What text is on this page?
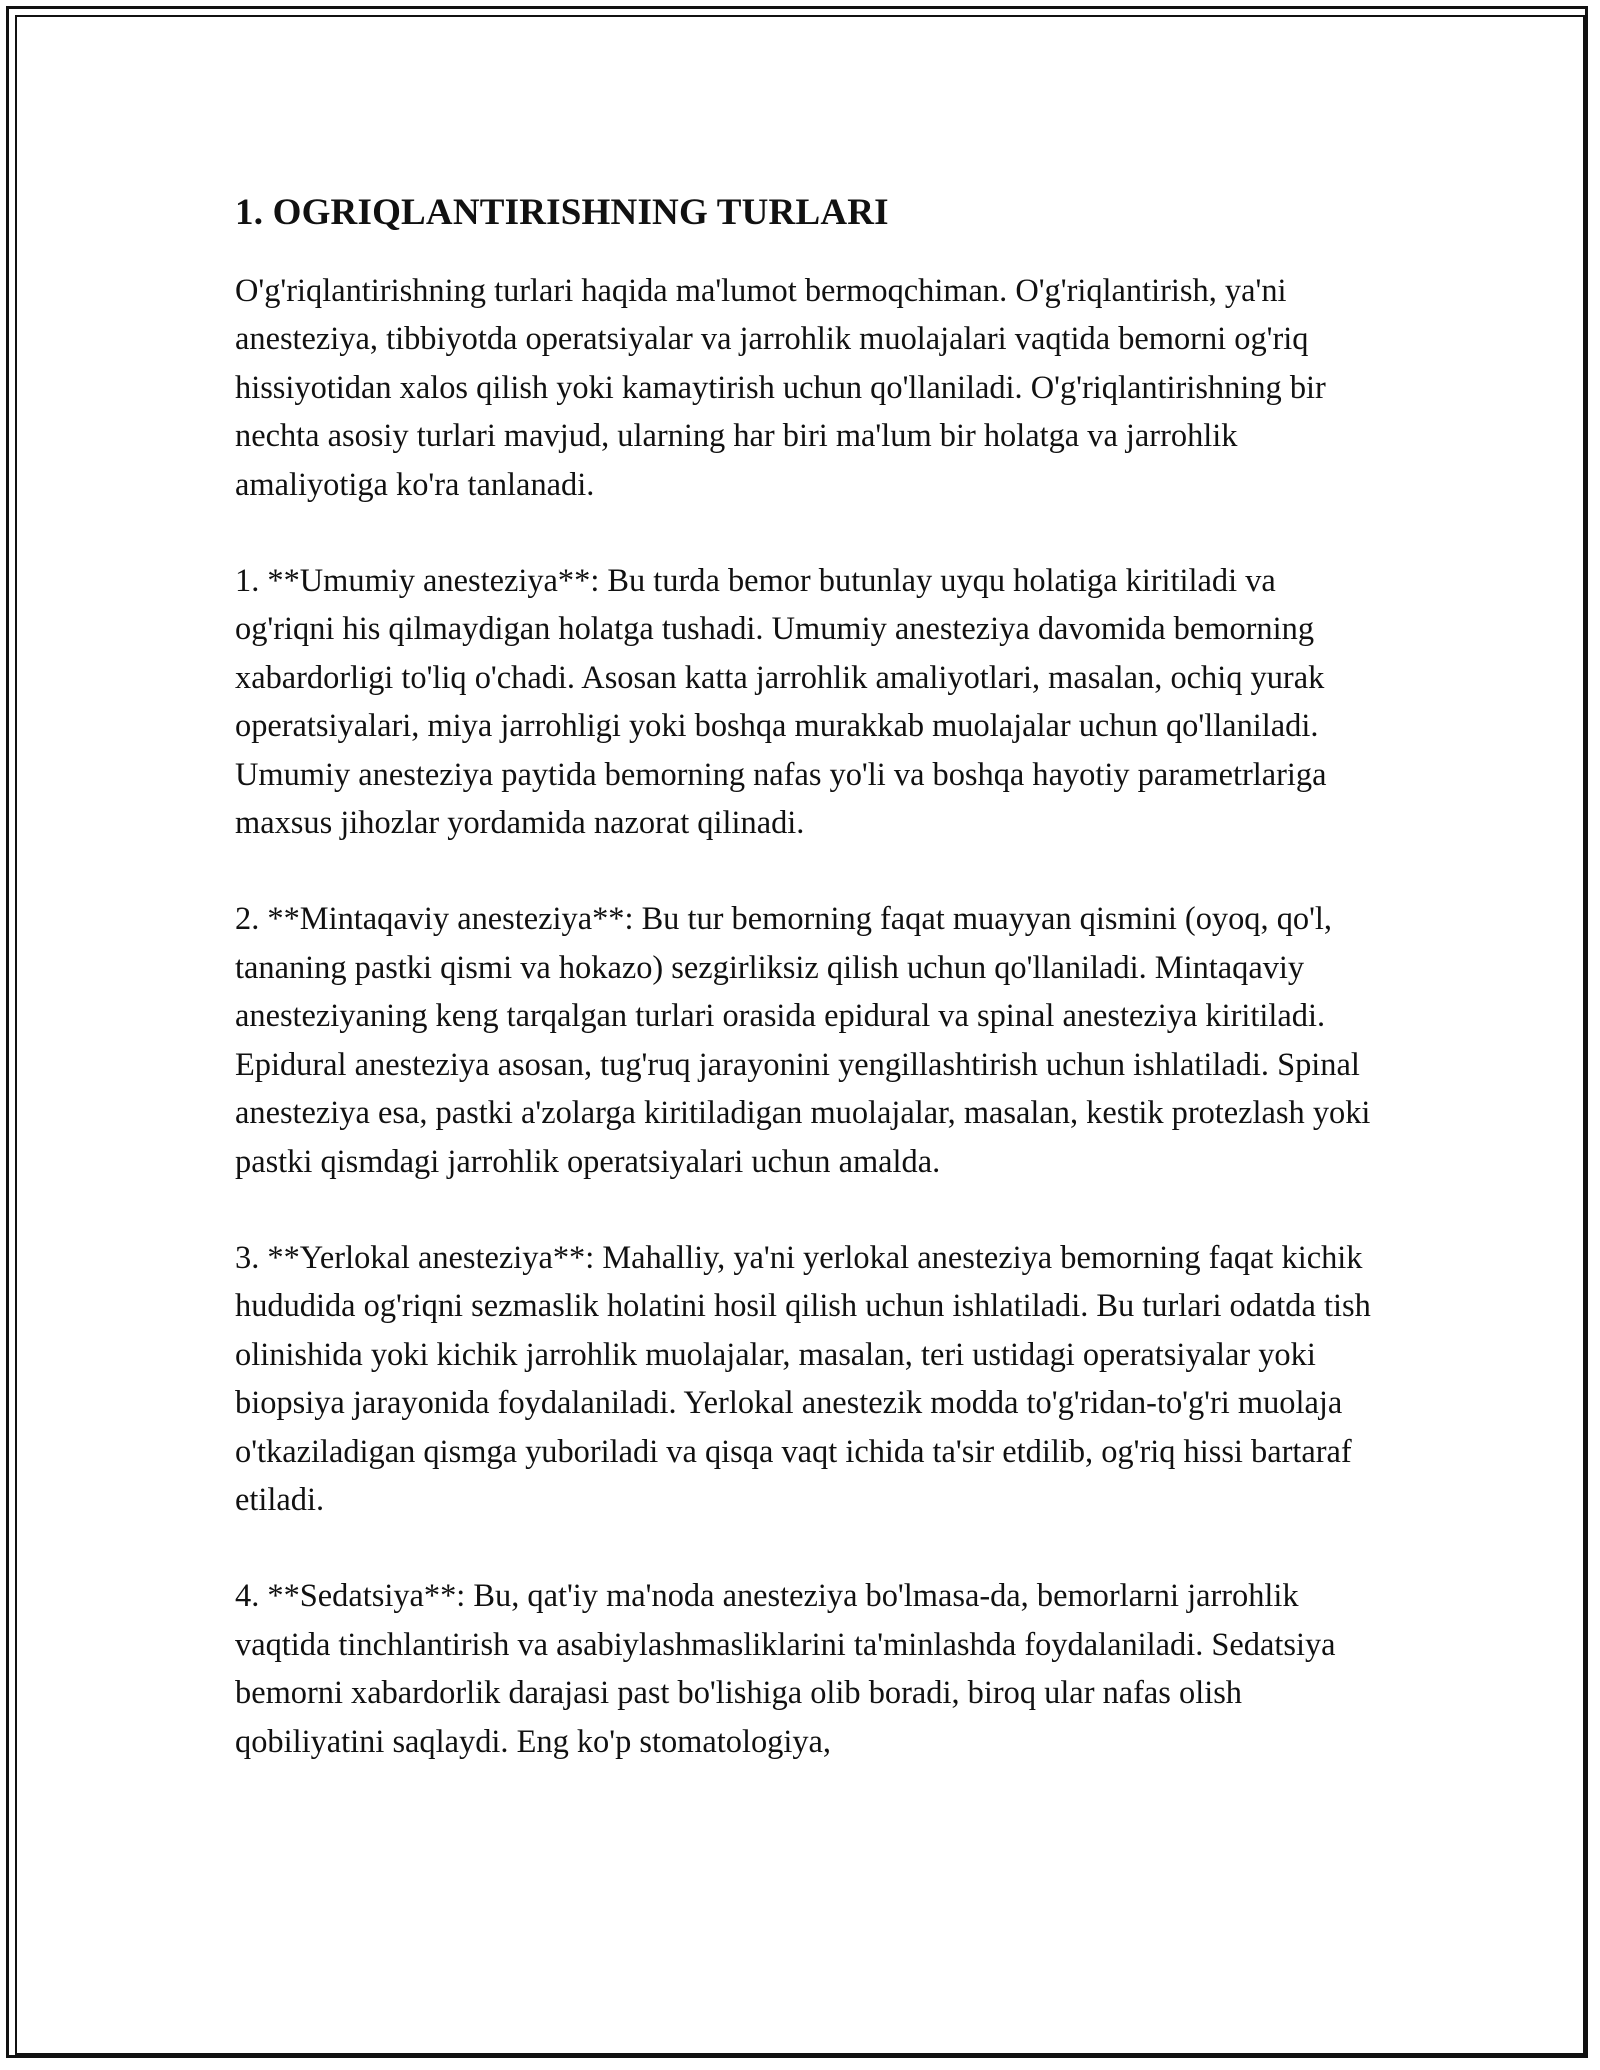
1. OGRIQLANTIRISHNING TURLARI

O'g'riqlantirishning turlari haqida ma'lumot bermoqchiman. O'g'riqlantirish, ya'ni anesteziya, tibbiyotda operatsiyalar va jarrohlik muolajalari vaqtida bemorni og'riq hissiyotidan xalos qilish yoki kamaytirish uchun qo'llaniladi. O'g'riqlantirishning bir nechta asosiy turlari mavjud, ularning har biri ma'lum bir holatga va jarrohlik amaliyotiga ko'ra tanlanadi.

1. **Umumiy anesteziya**: Bu turda bemor butunlay uyqu holatiga kiritiladi va og'riqni his qilmaydigan holatga tushadi. Umumiy anesteziya davomida bemorning xabardorligi to'liq o'chadi. Asosan katta jarrohlik amaliyotlari, masalan, ochiq yurak operatsiyalari, miya jarrohligi yoki boshqa murakkab muolajalar uchun qo'llaniladi. Umumiy anesteziya paytida bemorning nafas yo'li va boshqa hayotiy parametrlariga maxsus jihozlar yordamida nazorat qilinadi.

2. **Mintaqaviy anesteziya**: Bu tur bemorning faqat muayyan qismini (oyoq, qo'l, tananing pastki qismi va hokazo) sezgirliksiz qilish uchun qo'llaniladi. Mintaqaviy anesteziyaning keng tarqalgan turlari orasida epidural va spinal anesteziya kiritiladi. Epidural anesteziya asosan, tug'ruq jarayonini yengillashtirish uchun ishlatiladi. Spinal anesteziya esa, pastki a'zolarga kiritiladigan muolajalar, masalan, kestik protezlash yoki pastki qismdagi jarrohlik operatsiyalari uchun amalda.

3. **Yerlokal anesteziya**: Mahalliy, ya'ni yerlokal anesteziya bemorning faqat kichik hududida og'riqni sezmaslik holatini hosil qilish uchun ishlatiladi. Bu turlari odatda tish olinishida yoki kichik jarrohlik muolajalar, masalan, teri ustidagi operatsiyalar yoki biopsiya jarayonida foydalaniladi. Yerlokal anestezik modda to'g'ridan-to'g'ri muolaja o'tkaziladigan qismga yuboriladi va qisqa vaqt ichida ta'sir etdilib, og'riq hissi bartaraf etiladi.

4. **Sedatsiya**: Bu, qat'iy ma'noda anesteziya bo'lmasa-da, bemorlarni jarrohlik vaqtida tinchlantirish va asabiylashmasliklarini ta'minlashda foydalaniladi. Sedatsiya bemorni xabardorlik darajasi past bo'lishiga olib boradi, biroq ular nafas olish qobiliyatini saqlaydi. Eng ko'p stomatologiya,
